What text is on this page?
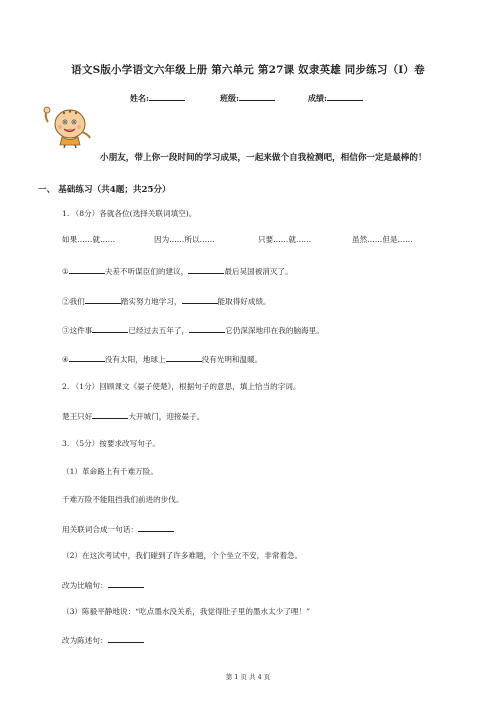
语文S版小学语文六年级上册 第六单元 第27课 奴隶英雄 同步练习（I）卷
姓名:	班级:	成绩:
小朋友，带上你一段时间的学习成果，一起来做个自我检测吧，相信你一定是最棒的！
一、 基础练习（共4题；共25分）
1. （8分）各就各位(选择关联词填空)。
如果……就……	因为……所以……	只要……就……	虽然……但是……
①	夫差不听谋臣们的建议，	最后吴国被消灭了。
②我们	踏实努力地学习，	能取得好成绩。
③这件事	已经过去五年了，	它仍深深地印在我的脑海里。
④	没有太阳，地球上	没有光明和温暖。
2. （1分）回顾课文《晏子使楚》，根据句子的意思，填上恰当的字词。
楚王只好	大开城门，迎接晏子。
3. （5分）按要求改写句子。
（1）革命路上有千难万险。
千难万险不能阻挡我们前进的步伐。
用关联词合成一句话：
（2）在这次考试中，我们碰到了许多难题，个个坐立不安，非常着急。
改为比喻句：
（3）陈毅平静地说：“吃点墨水没关系，我觉得肚子里的墨水太少了哩！”
改为陈述句：
第 1 页 共 4 页
